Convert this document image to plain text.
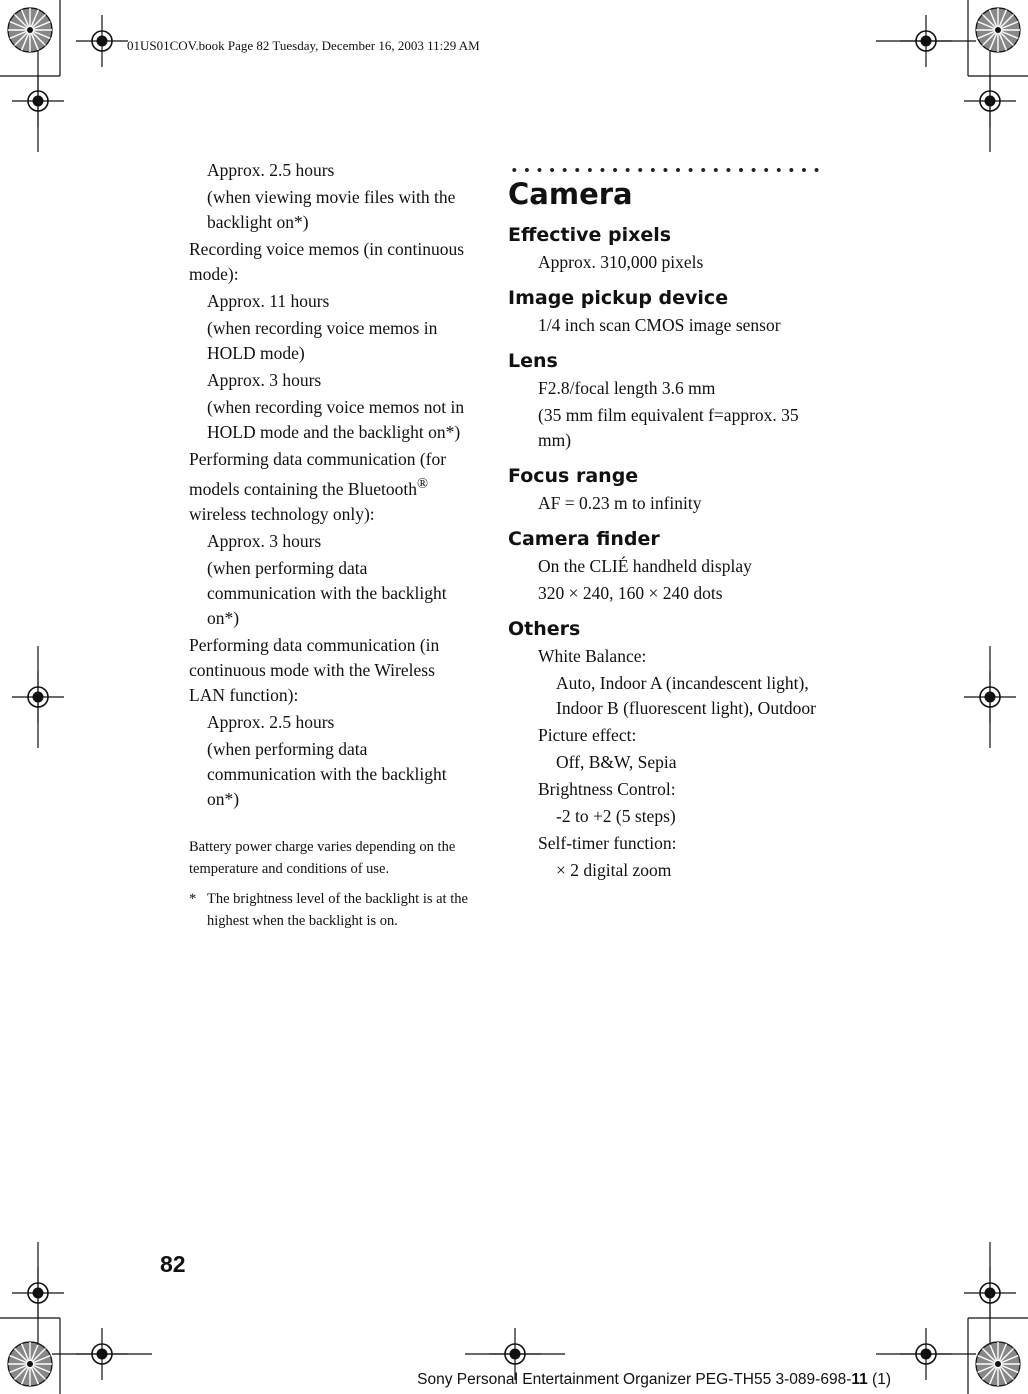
01US01COV.book Page 82 Tuesday, December 16, 2003 11:29 AM

Approx. 2.5 hours

(when viewing movie files with the backlight on*)

Recording voice memos (in continuous mode):

Approx. 11 hours

(when recording voice memos in HOLD mode)

Approx. 3 hours

(when recording voice memos not in HOLD mode and the backlight on*)

Performing data communication (for models containing the Bluetooth® wireless technology only):

Approx. 3 hours

(when performing data communication with the backlight on*)

Performing data communication (in continuous mode with the Wireless LAN function):

Approx. 2.5 hours

(when performing data communication with the backlight on*)

Battery power charge varies depending on the temperature and conditions of use.

* The brightness level of the backlight is at the highest when the backlight is on.

Camera
Effective pixels

Approx. 310,000 pixels

Image pickup device

1/4 inch scan CMOS image sensor

Lens

F2.8/focal length 3.6 mm

(35 mm film equivalent f=approx. 35 mm)

Focus range

AF = 0.23 m to infinity

Camera finder

On the CLIÉ handheld display

320 × 240, 160 × 240 dots

Others

White Balance:

Auto, Indoor A (incandescent light), Indoor B (fluorescent light), Outdoor

Picture effect:

Off, B&W, Sepia

Brightness Control:

-2 to +2 (5 steps)

Self-timer function:

× 2 digital zoom

82
Sony Personal Entertainment Organizer PEG-TH55 3-089-698-11 (1)
